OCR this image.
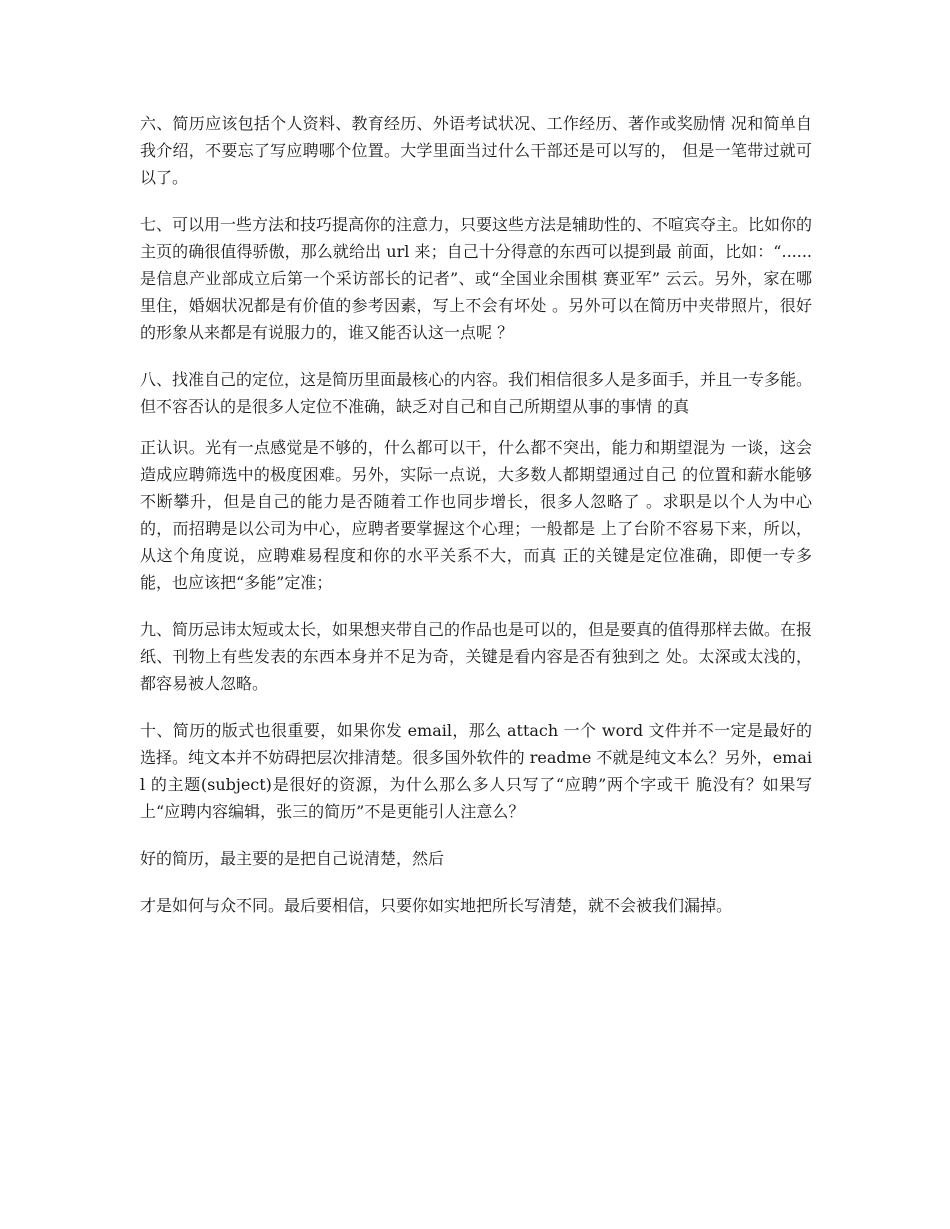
六、简历应该包括个人资料、教育经历、外语考试状况、工作经历、著作或奖励情 况和简单自我介绍，不要忘了写应聘哪个位置。大学里面当过什么干部还是可以写的， 但是一笔带过就可以了。

七、可以用一些方法和技巧提高你的注意力，只要这些方法是辅助性的、不喧宾夺主。比如你的主页的确很值得骄傲，那么就给出 url 来；自己十分得意的东西可以提到最 前面，比如：“......是信息产业部成立后第一个采访部长的记者”、或“全国业余围棋 赛亚军” 云云。另外，家在哪里住，婚姻状况都是有价值的参考因素，写上不会有坏处 。另外可以在简历中夹带照片，很好的形象从来都是有说服力的，谁又能否认这一点呢 ？

八、找准自己的定位，这是简历里面最核心的内容。我们相信很多人是多面手，并且一专多能。但不容否认的是很多人定位不准确，缺乏对自己和自己所期望从事的事情 的真

正认识。光有一点感觉是不够的，什么都可以干，什么都不突出，能力和期望混为 一谈，这会造成应聘筛选中的极度困难。另外，实际一点说，大多数人都期望通过自己 的位置和薪水能够不断攀升，但是自己的能力是否随着工作也同步增长，很多人忽略了 。求职是以个人为中心的，而招聘是以公司为中心，应聘者要掌握这个心理；一般都是 上了台阶不容易下来，所以，从这个角度说，应聘难易程度和你的水平关系不大，而真 正的关键是定位准确，即便一专多能，也应该把“多能”定准；

九、简历忌讳太短或太长，如果想夹带自己的作品也是可以的，但是要真的值得那样去做。在报纸、刊物上有些发表的东西本身并不足为奇，关键是看内容是否有独到之 处。太深或太浅的，都容易被人忽略。

十、简历的版式也很重要，如果你发 email，那么 attach 一个 word 文件并不一定是最好的选择。纯文本并不妨碍把层次排清楚。很多国外软件的 readme 不就是纯文本么？另外，email 的主题(subject)是很好的资源，为什么那么多人只写了“应聘”两个字或干 脆没有？如果写上“应聘内容编辑，张三的简历”不是更能引人注意么？

好的简历，最主要的是把自己说清楚，然后

才是如何与众不同。最后要相信，只要你如实地把所长写清楚，就不会被我们漏掉。
